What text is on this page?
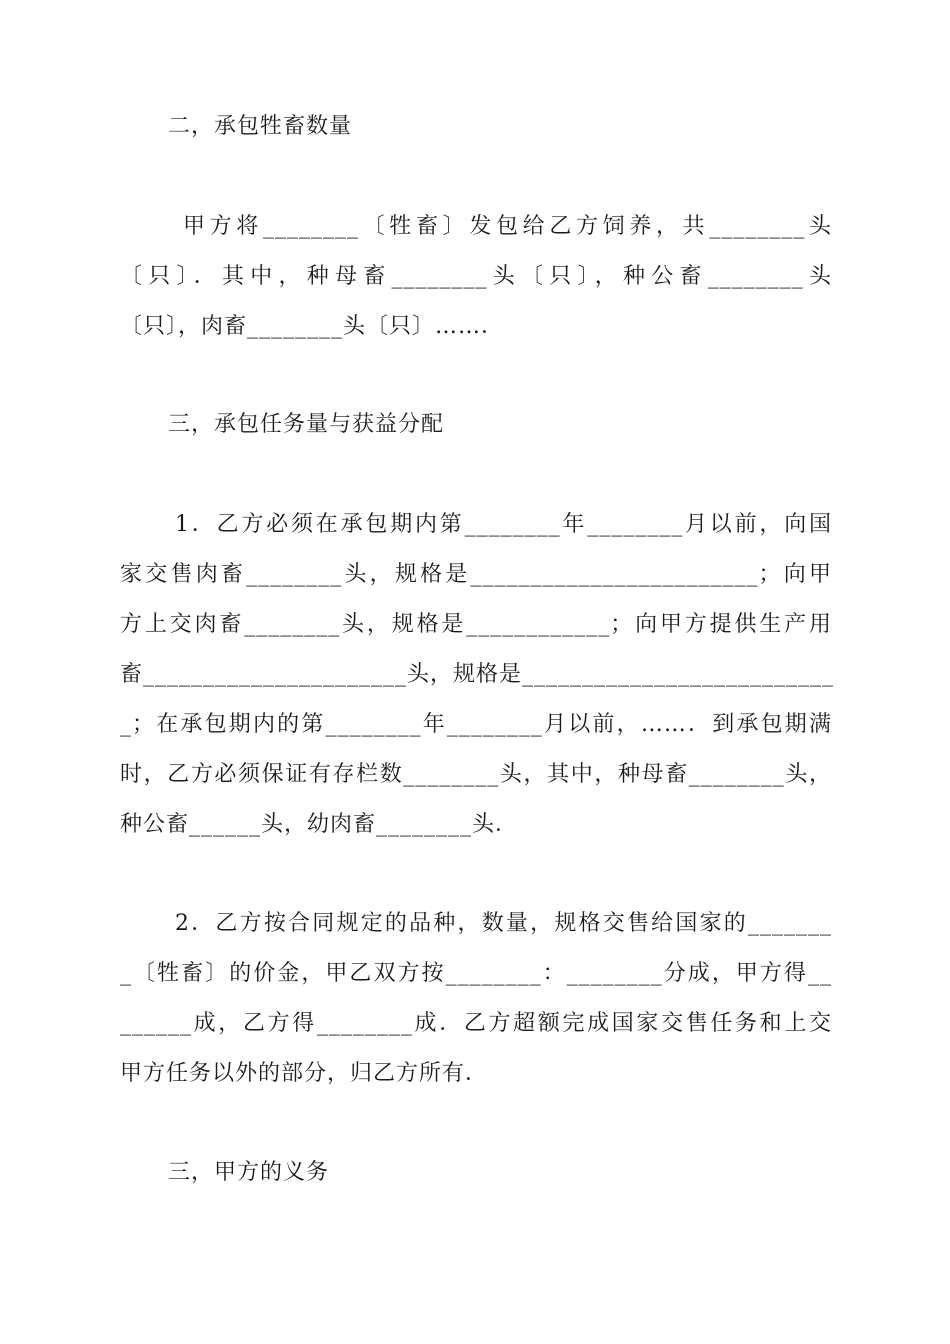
二，承包牲畜数量
甲方将________〔牲畜〕发包给乙方饲养，共________头
〔只〕．其中，种母畜________头〔只〕，种公畜________头
〔只〕，肉畜________头〔只〕……．
三，承包任务量与获益分配
1．乙方必须在承包期内第________年________月以前，向国
家交售肉畜________头，规格是________________________；向甲
方上交肉畜________头，规格是____________；向甲方提供生产用
畜______________________头，规格是__________________________
_；在承包期内的第________年________月以前，……．到承包期满
时，乙方必须保证有存栏数________头，其中，种母畜________头，
种公畜______头，幼肉畜________头．
2．乙方按合同规定的品种，数量，规格交售给国家的_______
_〔牲畜〕的价金，甲乙双方按________：________分成，甲方得__
______成，乙方得________成．乙方超额完成国家交售任务和上交
甲方任务以外的部分，归乙方所有．
三，甲方的义务
